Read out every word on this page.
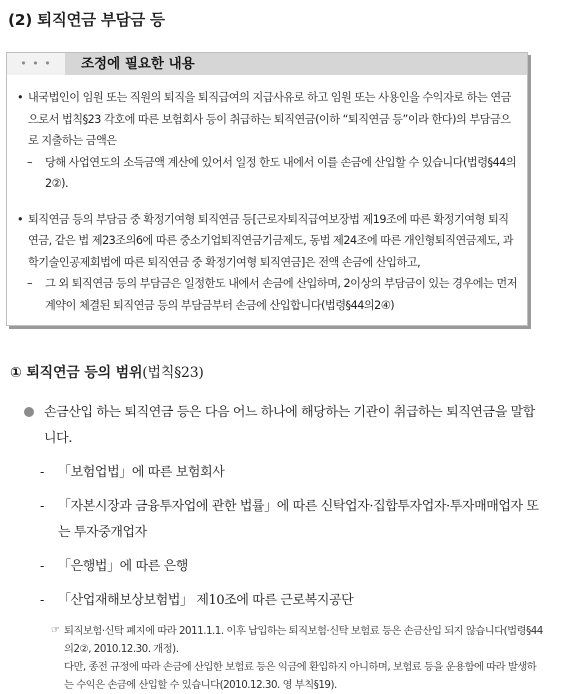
(2) 퇴직연금 부담금 등
• • •	조정에 필요한 내용

• 내국법인이 임원 또는 직원의 퇴직을 퇴직급여의 지급사유로 하고 임원 또는 사용인을 수익자로 하는 연금으로서 법칙§23 각호에 따른 보험회사 등이 취급하는 퇴직연금(이하 “퇴직연금 등”이라 한다)의 부담금으로 지출하는 금액은

– 당해 사업연도의 소득금액 계산에 있어서 일정 한도 내에서 이를 손금에 산입할 수 있습니다(법령§44의2②).

• 퇴직연금 등의 부담금 중 확정기여형 퇴직연금 등[근로자퇴직급여보장법 제19조에 따른 확정기여형 퇴직연금, 같은 법 제23조의6에 따른 중소기업퇴직연금기금제도, 동법 제24조에 따른 개인형퇴직연금제도, 과학기술인공제회법에 따른 퇴직연금 중 확정기여형 퇴직연금]은 전액 손금에 산입하고,

– 그 외 퇴직연금 등의 부담금은 일정한도 내에서 손금에 산입하며, 2이상의 부담금이 있는 경우에는 먼저 계약이 체결된 퇴직연금 등의 부담금부터 손금에 산입합니다(법령§44의2④)

① 퇴직연금 등의 범위(법칙§23)
손금산입 하는 퇴직연금 등은 다음 어느 하나에 해당하는 기관이 취급하는 퇴직연금을 말합니다.
- 「보험업법」에 따른 보험회사
- 「자본시장과 금융투자업에 관한 법률」에 따른 신탁업자·집합투자업자·투자매매업자 또는 투자중개업자
- 「은행법」에 따른 은행
- 「산업재해보상보험법」 제10조에 따른 근로복지공단
☞ 퇴직보험·신탁 폐지에 따라 2011.1.1. 이후 납입하는 퇴직보험·신탁 보험료 등은 손금산입 되지 않습니다(법령§44의2②, 2010.12.30. 개정).

다만, 종전 규정에 따라 손금에 산입한 보험료 등은 익금에 환입하지 아니하며, 보험료 등을 운용함에 따라 발생하는 수익은 손금에 산입할 수 있습니다(2010.12.30. 영 부칙§19).
